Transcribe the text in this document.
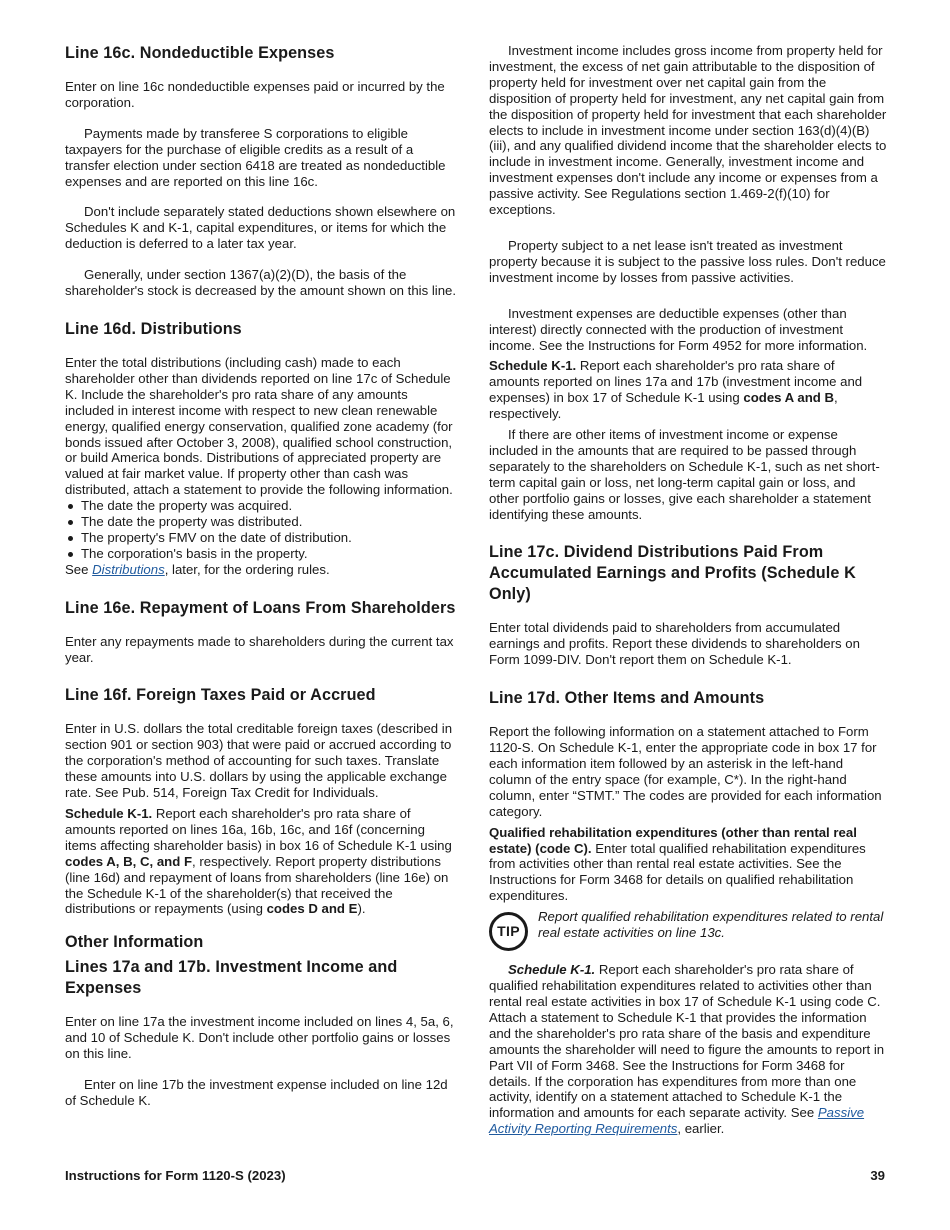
Line 16c. Nondeductible Expenses

Enter on line 16c nondeductible expenses paid or incurred by the corporation.

Payments made by transferee S corporations to eligible taxpayers for the purchase of eligible credits as a result of a transfer election under section 6418 are treated as nondeductible expenses and are reported on this line 16c.

Don't include separately stated deductions shown elsewhere on Schedules K and K-1, capital expenditures, or items for which the deduction is deferred to a later tax year.

Generally, under section 1367(a)(2)(D), the basis of the shareholder's stock is decreased by the amount shown on this line.

Line 16d. Distributions

Enter the total distributions (including cash) made to each shareholder other than dividends reported on line 17c of Schedule K. Include the shareholder's pro rata share of any amounts included in interest income with respect to new clean renewable energy, qualified energy conservation, qualified zone academy (for bonds issued after October 3, 2008), qualified school construction, or build America bonds. Distributions of appreciated property are valued at fair market value. If property other than cash was distributed, attach a statement to provide the following information.

The date the property was acquired.
The date the property was distributed.
The property's FMV on the date of distribution.
The corporation's basis in the property.

See Distributions, later, for the ordering rules.

Line 16e. Repayment of Loans From Shareholders

Enter any repayments made to shareholders during the current tax year.

Line 16f. Foreign Taxes Paid or Accrued

Enter in U.S. dollars the total creditable foreign taxes (described in section 901 or section 903) that were paid or accrued according to the corporation's method of accounting for such taxes. Translate these amounts into U.S. dollars by using the applicable exchange rate. See Pub. 514, Foreign Tax Credit for Individuals.

Schedule K-1. Report each shareholder's pro rata share of amounts reported on lines 16a, 16b, 16c, and 16f (concerning items affecting shareholder basis) in box 16 of Schedule K-1 using codes A, B, C, and F, respectively. Report property distributions (line 16d) and repayment of loans from shareholders (line 16e) on the Schedule K-1 of the shareholder(s) that received the distributions or repayments (using codes D and E).

Other Information
Lines 17a and 17b. Investment Income and Expenses

Enter on line 17a the investment income included on lines 4, 5a, 6, and 10 of Schedule K. Don't include other portfolio gains or losses on this line.

Enter on line 17b the investment expense included on line 12d of Schedule K.

Investment income includes gross income from property held for investment, the excess of net gain attributable to the disposition of property held for investment over net capital gain from the disposition of property held for investment, any net capital gain from the disposition of property held for investment that each shareholder elects to include in investment income under section 163(d)(4)(B)(iii), and any qualified dividend income that the shareholder elects to include in investment income. Generally, investment income and investment expenses don't include any income or expenses from a passive activity. See Regulations section 1.469-2(f)(10) for exceptions.

Property subject to a net lease isn't treated as investment property because it is subject to the passive loss rules. Don't reduce investment income by losses from passive activities.

Investment expenses are deductible expenses (other than interest) directly connected with the production of investment income. See the Instructions for Form 4952 for more information.

Schedule K-1. Report each shareholder's pro rata share of amounts reported on lines 17a and 17b (investment income and expenses) in box 17 of Schedule K-1 using codes A and B, respectively.

If there are other items of investment income or expense included in the amounts that are required to be passed through separately to the shareholders on Schedule K-1, such as net short-term capital gain or loss, net long-term capital gain or loss, and other portfolio gains or losses, give each shareholder a statement identifying these amounts.

Line 17c. Dividend Distributions Paid From Accumulated Earnings and Profits (Schedule K Only)

Enter total dividends paid to shareholders from accumulated earnings and profits. Report these dividends to shareholders on Form 1099-DIV. Don't report them on Schedule K-1.

Line 17d. Other Items and Amounts

Report the following information on a statement attached to Form 1120-S. On Schedule K-1, enter the appropriate code in box 17 for each information item followed by an asterisk in the left-hand column of the entry space (for example, C*). In the right-hand column, enter “STMT.” The codes are provided for each information category.

Qualified rehabilitation expenditures (other than rental real estate) (code C). Enter total qualified rehabilitation expenditures from activities other than rental real estate activities. See the Instructions for Form 3468 for details on qualified rehabilitation expenditures.

TIP
Report qualified rehabilitation expenditures related to rental real estate activities on line 13c.

Schedule K-1. Report each shareholder's pro rata share of qualified rehabilitation expenditures related to activities other than rental real estate activities in box 17 of Schedule K-1 using code C. Attach a statement to Schedule K-1 that provides the information and the shareholder's pro rata share of the basis and expenditure amounts the shareholder will need to figure the amounts to report in Part VII of Form 3468. See the Instructions for Form 3468 for details. If the corporation has expenditures from more than one activity, identify on a statement attached to Schedule K-1 the information and amounts for each separate activity. See Passive Activity Reporting Requirements, earlier.

Instructions for Form 1120-S (2023)	39
